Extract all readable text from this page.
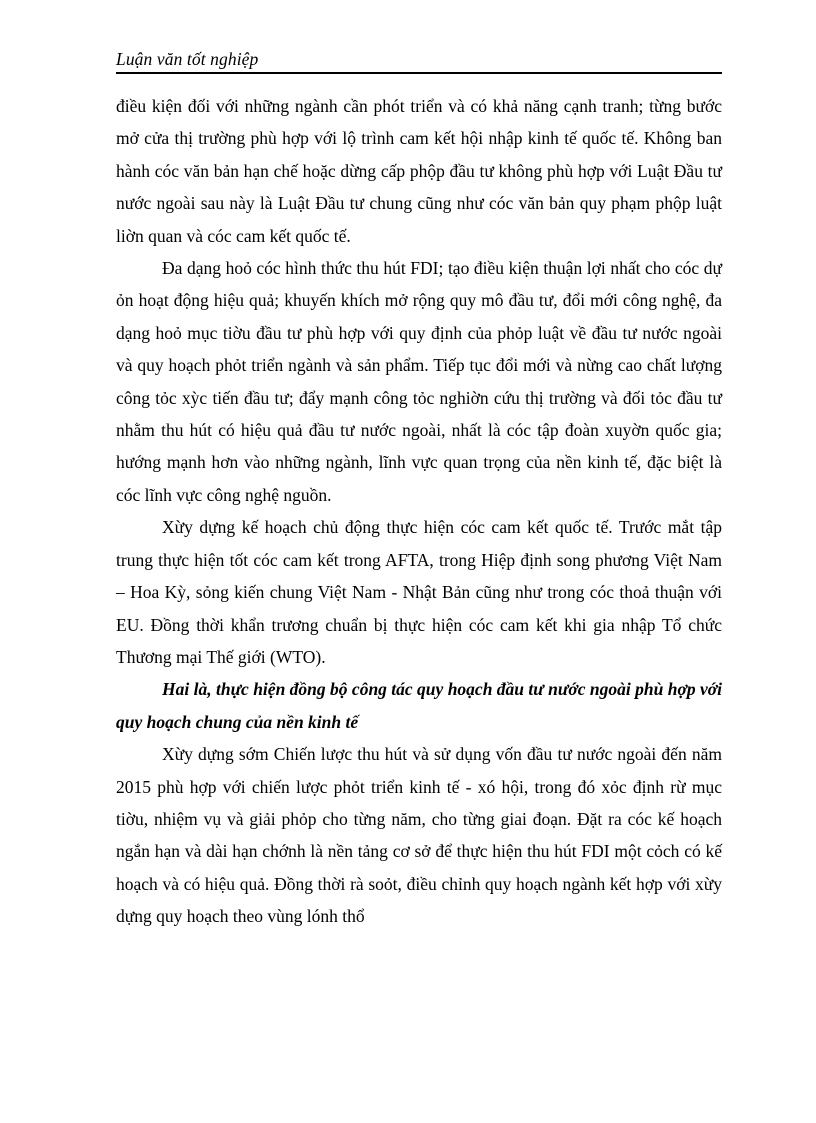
Luận văn tốt nghiệp

điều kiện đối với những ngành cần phót triển và có khả năng cạnh tranh; từng bước mở cửa thị trường phù hợp với lộ trình cam kết hội nhập kinh tế quốc tế. Không ban hành cóc văn bản hạn chế hoặc dừng cấp phộp đầu tư không phù hợp với Luật Đầu tư nước ngoài sau này là Luật Đầu tư chung cũng như cóc văn bản quy phạm phộp luật liờn quan và cóc cam kết quốc tế.

Đa dạng hoỏ cóc hình thức thu hút FDI; tạo điều kiện thuận lợi nhất cho cóc dự ỏn hoạt động hiệu quả; khuyến khích mở rộng quy mô đầu tư, đổi mới công nghệ, đa dạng hoỏ mục tiờu đầu tư phù hợp với quy định của phỏp luật về đầu tư nước ngoài và quy hoạch phỏt triển ngành và sản phẩm. Tiếp tục đổi mới và nừng cao chất lượng công tỏc xỳc tiến đầu tư; đẩy mạnh công tỏc nghiờn cứu thị trường và đối tỏc đầu tư nhằm thu hút có hiệu quả đầu tư nước ngoài, nhất là cóc tập đoàn xuyờn quốc gia; hướng mạnh hơn vào những ngành, lĩnh vực quan trọng của nền kinh tế, đặc biệt là cóc lĩnh vực công nghệ nguồn.

Xừy dựng kế hoạch chủ động thực hiện cóc cam kết quốc tế. Trước mắt tập trung thực hiện tốt cóc cam kết trong AFTA, trong Hiệp định song phương Việt Nam – Hoa Kỳ, sỏng kiến chung Việt Nam - Nhật Bản cũng như trong cóc thoả thuận với EU. Đồng thời khẩn trương chuẩn bị thực hiện cóc cam kết khi gia nhập Tổ chức Thương mại Thế giới (WTO).

Hai là, thực hiện đồng bộ công tác quy hoạch đầu tư nước ngoài phù hợp với quy hoạch chung của nền kinh tế

Xừy dựng sớm Chiến lược thu hút và sử dụng vốn đầu tư nước ngoài đến năm 2015 phù hợp với chiến lược phỏt triển kinh tế - xó hội, trong đó xỏc định rừ mục tiờu, nhiệm vụ và giải phỏp cho từng năm, cho từng giai đoạn. Đặt ra cóc kế hoạch ngắn hạn và dài hạn chớnh là nền tảng cơ sở để thực hiện thu hút FDI một cỏch có kế hoạch và có hiệu quả. Đồng thời rà soỏt, điều chỉnh quy hoạch ngành kết hợp với xừy dựng quy hoạch theo vùng lónh thổ
